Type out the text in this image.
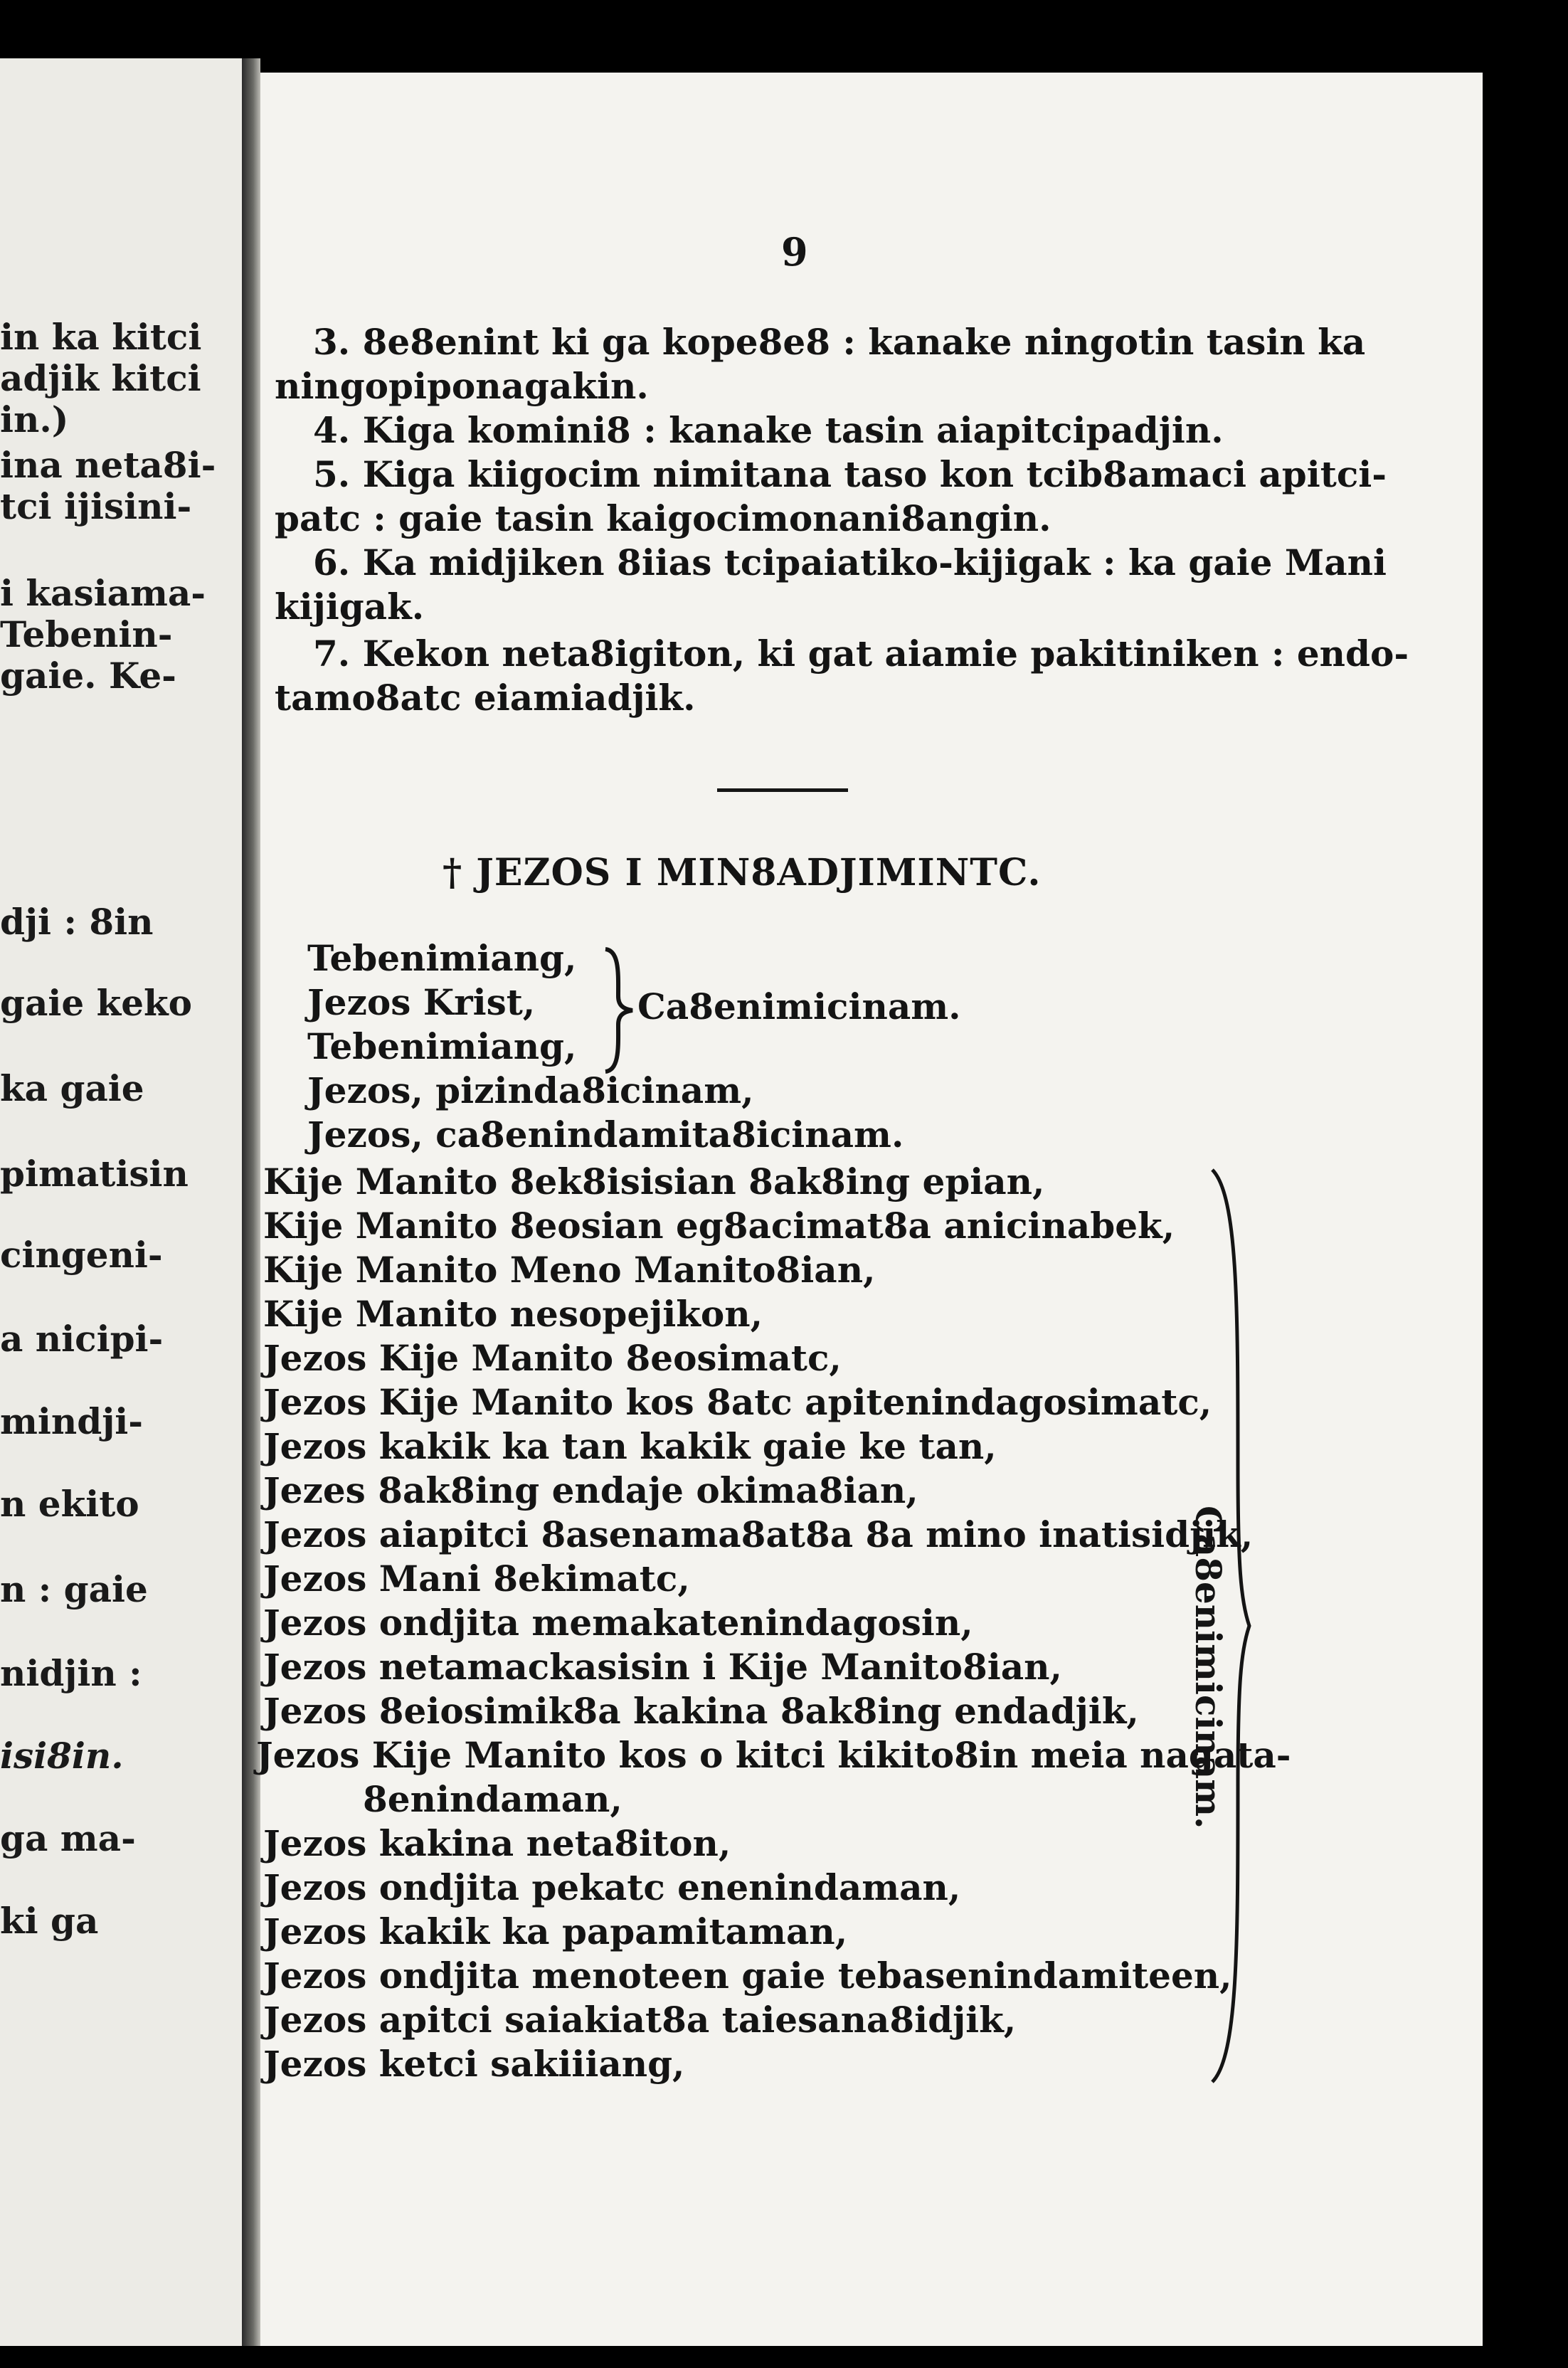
in ka kitci
adjik kitci
in.)
ina neta8i-
tci ijisini-
i kasiama-
Tebenin-
gaie. Ke-
dji : 8in
gaie keko
ka gaie
pimatisin
cingeni-
a nicipi-
mindji-
n ekito
n : gaie
nidjin :
isi8in.
ga ma-
ki ga
9
3. 8e8enint ki ga kope8e8 : kanake ningotin tasin ka
ningopiponagakin.
4. Kiga komini8 : kanake tasin aiapitcipadjin.
5. Kiga kiigocim nimitana taso kon tcib8amaci apitci-
patc : gaie tasin kaigocimonani8angin.
6. Ka midjiken 8iias tcipaiatiko-kijigak : ka gaie Mani
kijigak.
7. Kekon neta8igiton, ki gat aiamie pakitiniken : endo-
tamo8atc eiamiadjik.
† JEZOS I MIN8ADJIMINTC.
Tebenimiang,
Jezos Krist,
Tebenimiang,
Jezos, pizinda8icinam,
Jezos, ca8enindamita8icinam.
Ca8enimicinam.
Kije Manito 8ek8isisian 8ak8ing epian,
Kije Manito 8eosian eg8acimat8a anicinabek,
Kije Manito Meno Manito8ian,
Kije Manito nesopejikon,
Jezos Kije Manito 8eosimatc,
Jezos Kije Manito kos 8atc apitenindagosimatc,
Jezos kakik ka tan kakik gaie ke tan,
Jezes 8ak8ing endaje okima8ian,
Jezos aiapitci 8asenama8at8a 8a mino inatisidjik,
Jezos Mani 8ekimatc,
Jezos ondjita memakatenindagosin,
Jezos netamackasisin i Kije Manito8ian,
Jezos 8eiosimik8a kakina 8ak8ing endadjik,
Jezos Kije Manito kos o kitci kikito8in meia nagata-
8enindaman,
Jezos kakina neta8iton,
Jezos ondjita pekatc enenindaman,
Jezos kakik ka papamitaman,
Jezos ondjita menoteen gaie tebasenindamiteen,
Jezos apitci saiakiat8a taiesana8idjik,
Jezos ketci sakiiiang,
Ca8enimicinam.
